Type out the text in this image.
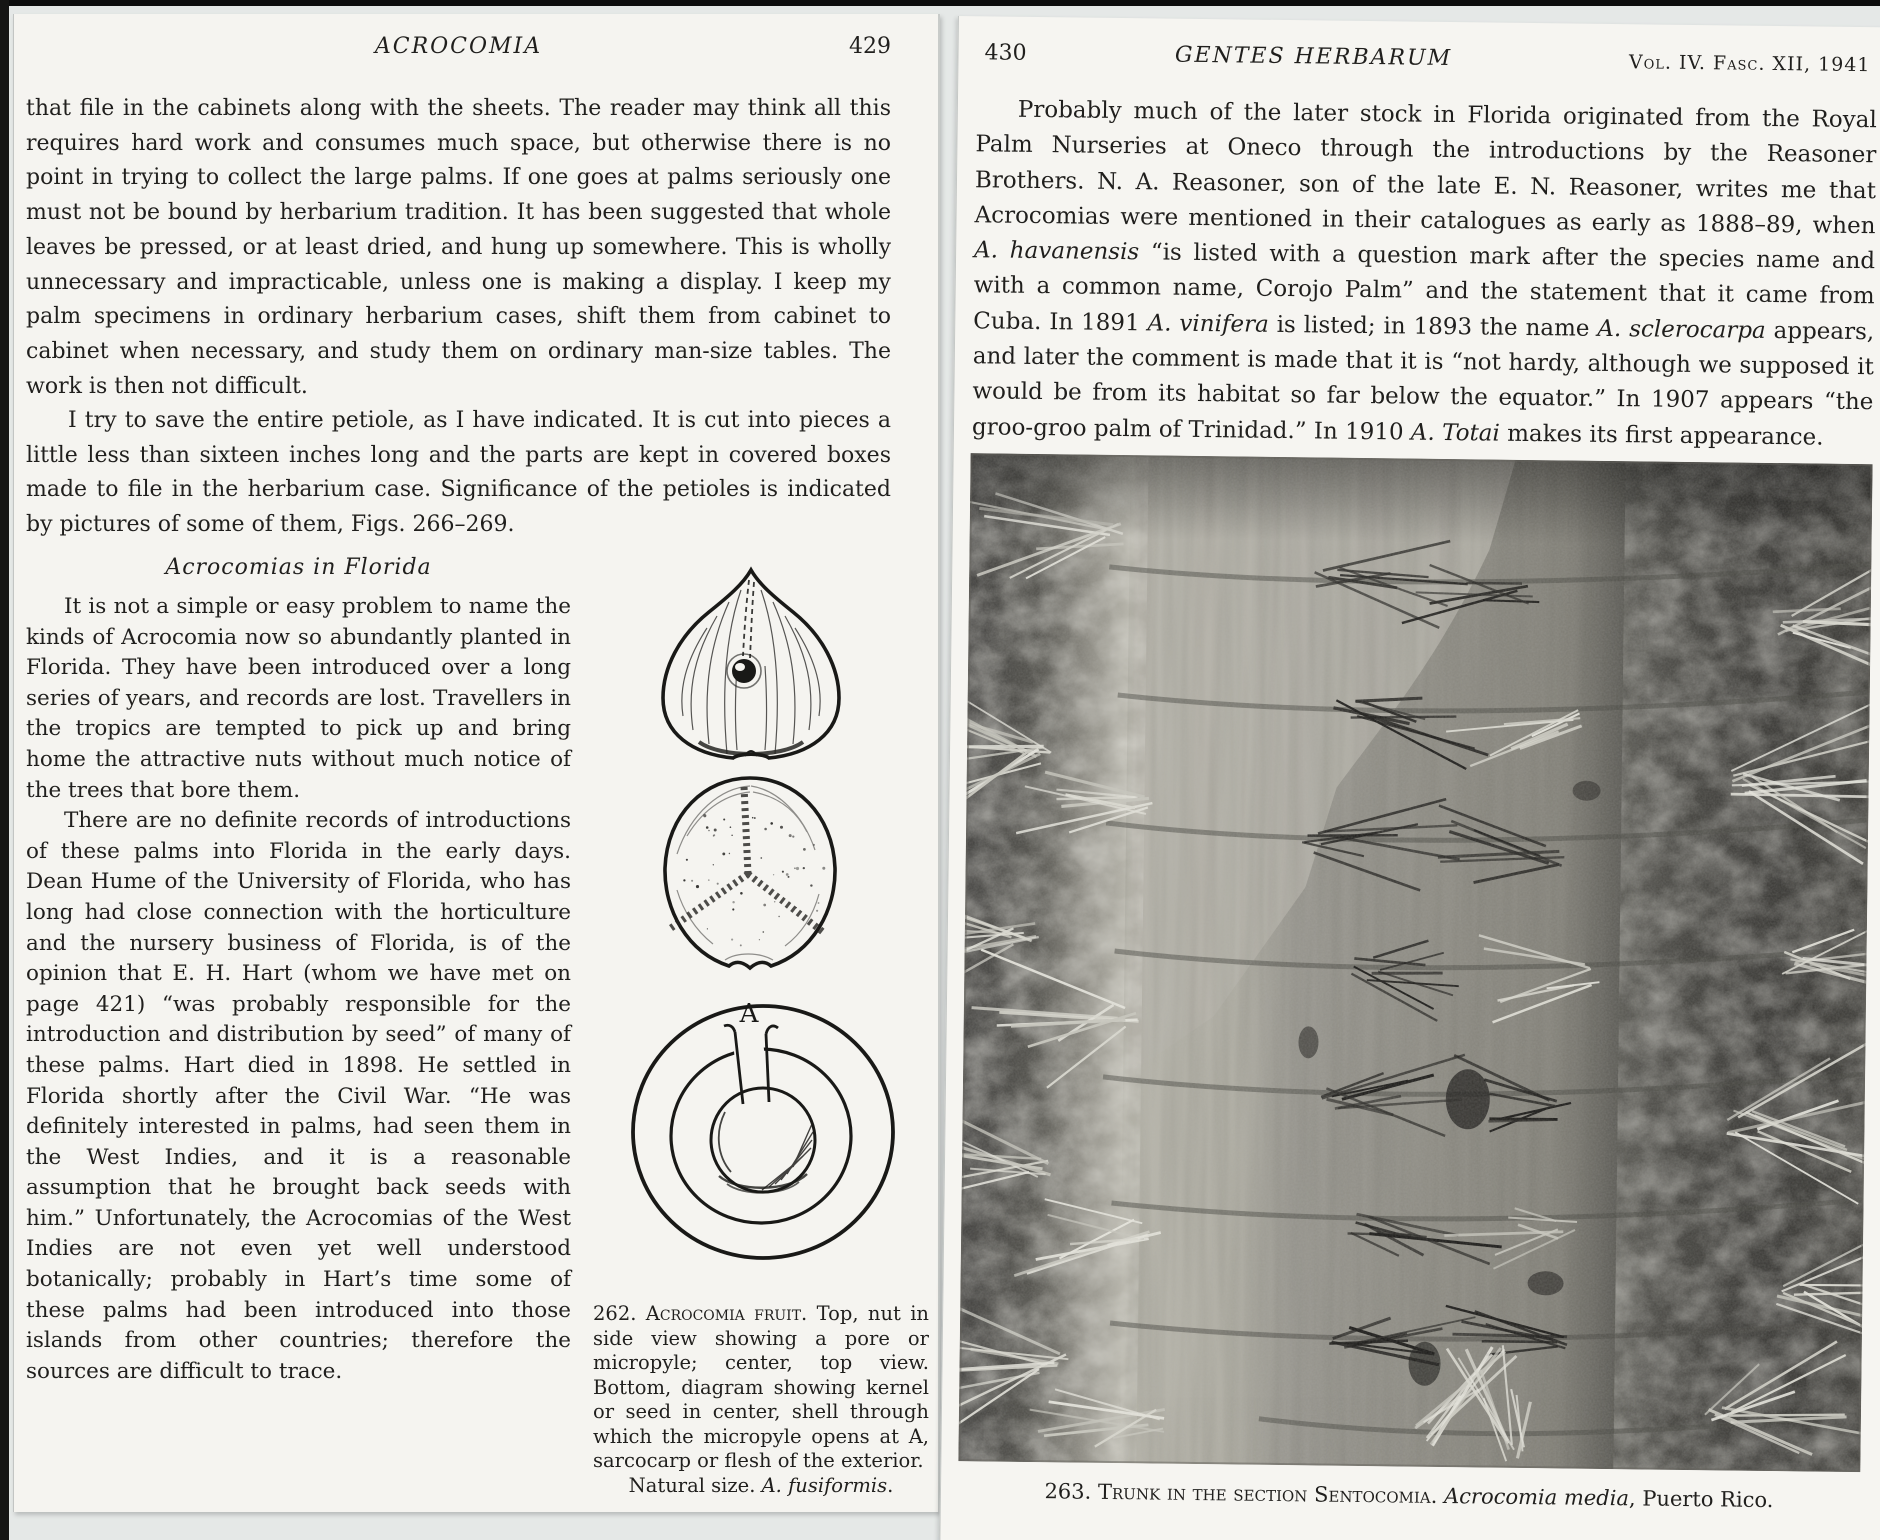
ACROCOMIA	429

that file in the cabinets along with the sheets. The reader may think all this requires hard work and consumes much space, but otherwise there is no point in trying to collect the large palms. If one goes at palms seriously one must not be bound by herbarium tradition. It has been suggested that whole leaves be pressed, or at least dried, and hung up somewhere. This is wholly unnecessary and impracticable, unless one is making a display. I keep my palm specimens in ordinary herbarium cases, shift them from cabinet to cabinet when necessary, and study them on ordinary man-size tables. The work is then not difficult.

I try to save the entire petiole, as I have indicated. It is cut into pieces a little less than sixteen inches long and the parts are kept in covered boxes made to file in the herbarium case. Significance of the petioles is indicated by pictures of some of them, Figs. 266–269.

Acrocomias in Florida

It is not a simple or easy problem to name the kinds of Acrocomia now so abundantly planted in Florida. They have been introduced over a long series of years, and records are lost. Travellers in the tropics are tempted to pick up and bring home the attractive nuts without much notice of the trees that bore them.

There are no definite records of introductions of these palms into Florida in the early days. Dean Hume of the University of Florida, who has long had close connection with the horticulture and the nursery business of Florida, is of the opinion that E. H. Hart (whom we have met on page 421) “was probably responsible for the introduction and distribution by seed” of many of these palms. Hart died in 1898. He settled in Florida shortly after the Civil War. “He was definitely interested in palms, had seen them in the West Indies, and it is a reasonable assumption that he brought back seeds with him.” Unfortunately, the Acrocomias of the West Indies are not even yet well understood botanically; probably in Hart’s time some of these palms had been introduced into those islands from other countries; therefore the sources are difficult to trace.

A

262. Acrocomia fruit. Top, nut in side view showing a pore or micropyle; center, top view. Bottom, diagram showing kernel or seed in center, shell through which the micropyle opens at A, sarcocarp or flesh of the exterior.

Natural size. A. fusiformis.

430	GENTES HERBARUM	Vol. IV. Fasc. XII, 1941

Probably much of the later stock in Florida originated from the Royal Palm Nurseries at Oneco through the introductions by the Reasoner Brothers. N. A. Reasoner, son of the late E. N. Reasoner, writes me that Acrocomias were mentioned in their catalogues as early as 1888–89, when A. havanensis “is listed with a question mark after the species name and with a common name, Corojo Palm” and the statement that it came from Cuba. In 1891 A. vinifera is listed; in 1893 the name A. sclerocarpa appears, and later the comment is made that it is “not hardy, although we supposed it would be from its habitat so far below the equator.” In 1907 appears “the groo-groo palm of Trinidad.” In 1910 A. Totai makes its first appearance.

263. Trunk in the section Sentocomia. Acrocomia media, Puerto Rico.
